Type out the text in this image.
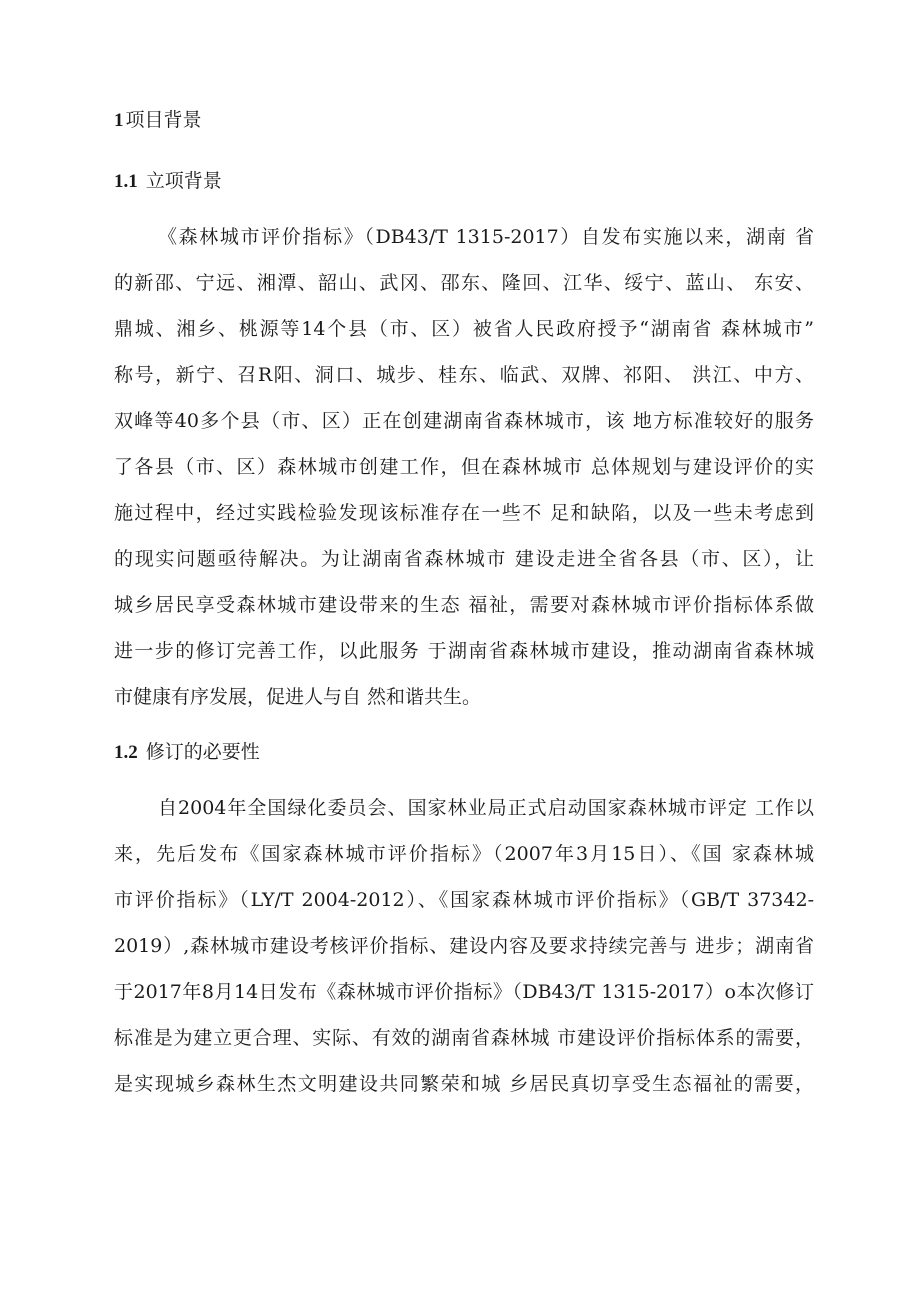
1 项目背景
1.1 立项背景
《森林城市评价指标》（DB43/T 1315-2017）自发布实施以来，湖南 省
的新邵、宁远、湘潭、韶山、武冈、邵东、隆回、江华、绥宁、蓝山、 东安、
鼎城、湘乡、桃源等14个县（市、区）被省人民政府授予“湖南省 森林城市”
称号，新宁、召R阳、洞口、城步、桂东、临武、双牌、祁阳、 洪江、中方、
双峰等40多个县（市、区）正在创建湖南省森林城市，该 地方标准较好的服务
了各县（市、区）森林城市创建工作，但在森林城市 总体规划与建设评价的实
施过程中，经过实践检验发现该标准存在一些不 足和缺陷，以及一些未考虑到
的现实问题亟待解决。为让湖南省森林城市 建设走进全省各县（市、区），让
城乡居民享受森林城市建设带来的生态 福祉，需要对森林城市评价指标体系做
进一步的修订完善工作，以此服务 于湖南省森林城市建设，推动湖南省森林城
市健康有序发展，促进人与自 然和谐共生。
1.2 修订的必要性
自2004年全国绿化委员会、国家林业局正式启动国家森林城市评定 工作以
来，先后发布《国家森林城市评价指标》（2007年3月15日）、《国 家森林城
市评价指标》（LY/T 2004-2012）、《国家森林城市评价指标》（GB/T 37342-
2019）,森林城市建设考核评价指标、建设内容及要求持续完善与 进步；湖南省
于2017年8月14日发布《森林城市评价指标》（DB43/T 1315-2017）o本次修订
标准是为建立更合理、实际、有效的湖南省森林城 市建设评价指标体系的需要，
是实现城乡森林生杰文明建设共同繁荣和城 乡居民真切享受生态福祉的需要，
